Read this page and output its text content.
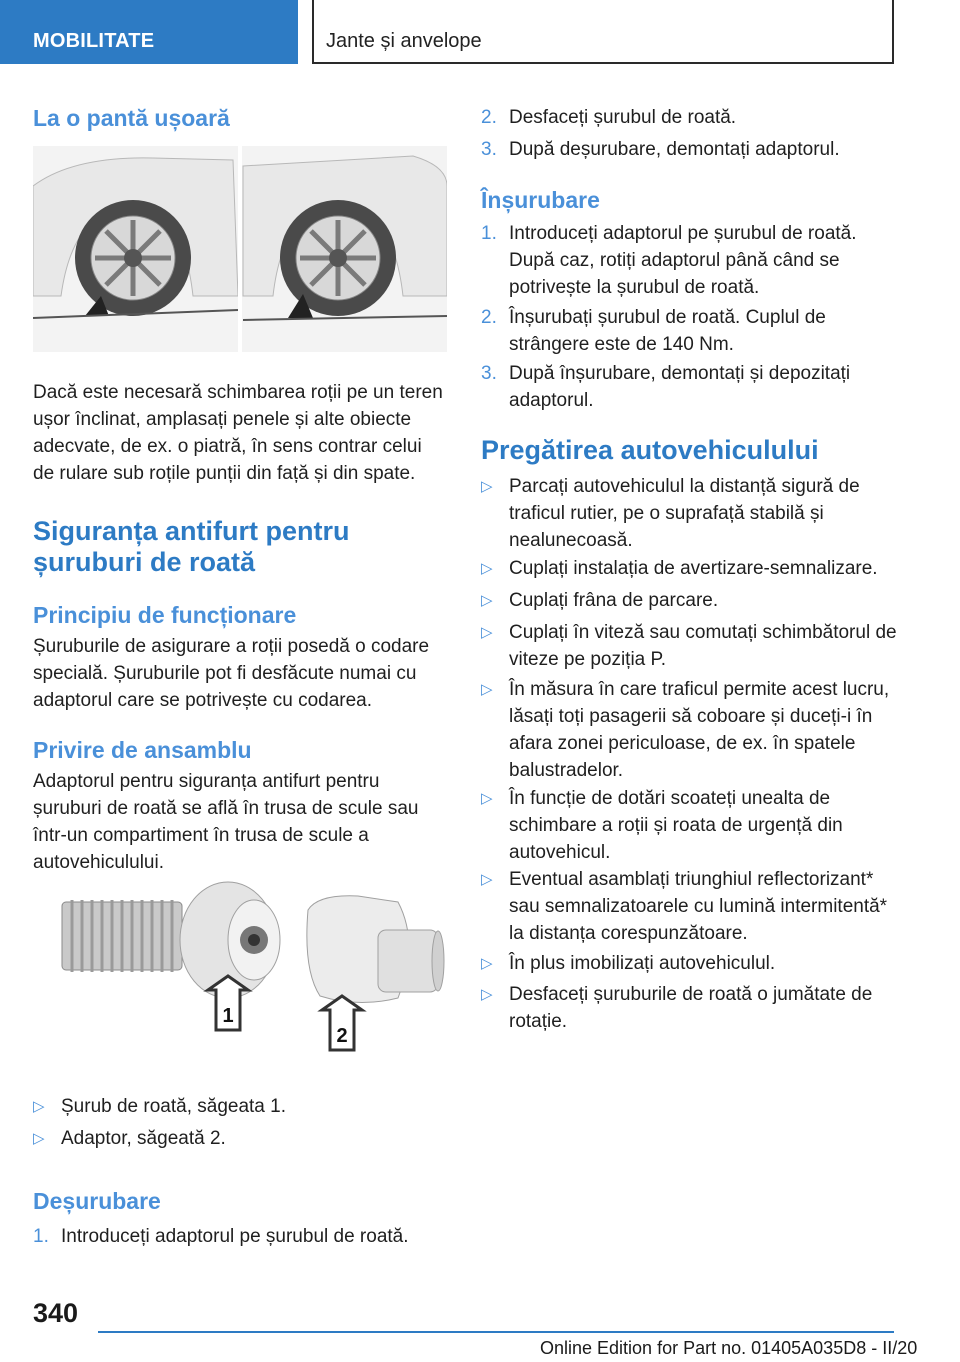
MOBILITATE	Jante și anvelope
La o pantă ușoară
Dacă este necesară schimbarea roții pe un teren ușor înclinat, amplasați penele și alte obiecte adecvate, de ex. o piatră, în sens contrar celui de rulare sub roțile punții din față și din spate.
Siguranța antifurt pentru
șuruburi de roată
Principiu de funcționare
Șuruburile de asigurare a roții posedă o codare specială. Șuruburile pot fi desfăcute numai cu adaptorul care se potrivește cu codarea.
Privire de ansamblu
Adaptorul pentru siguranța antifurt pentru șuruburi de roată se află în trusa de scule sau într-un compartiment în trusa de scule a autovehiculului.
1
2
▷ Șurub de roată, săgeata 1.
▷ Adaptor, săgeată 2.
Deșurubare
1. Introduceți adaptorul pe șurubul de roată.
2. Desfaceți șurubul de roată.
3. După deșurubare, demontați adaptorul.
Înșurubare
1. Introduceți adaptorul pe șurubul de roată. După caz, rotiți adaptorul până când se potrivește la șurubul de roată.
2. Înșurubați șurubul de roată. Cuplul de strângere este de 140 Nm.
3. După înșurubare, demontați și depozitați adaptorul.
Pregătirea autovehiculului
▷ Parcați autovehiculul la distanță sigură de traficul rutier, pe o suprafață stabilă și nealunecoasă.
▷ Cuplați instalația de avertizare-semnalizare.
▷ Cuplați frâna de parcare.
▷ Cuplați în viteză sau comutați schimbătorul de viteze pe poziția P.
▷ În măsura în care traficul permite acest lucru, lăsați toți pasagerii să coboare și duceți-i în afara zonei periculoase, de ex. în spatele balustradelor.
▷ În funcție de dotări scoateți unealta de schimbare a roții și roata de urgență din autovehicul.
▷ Eventual asamblați triunghiul reflectorizant* sau semnalizatoarele cu lumină intermitentă* la distanța corespunzătoare.
▷ În plus imobilizați autovehiculul.
▷ Desfaceți șuruburile de roată o jumătate de rotație.
340
Online Edition for Part no. 01405A035D8 - II/20
